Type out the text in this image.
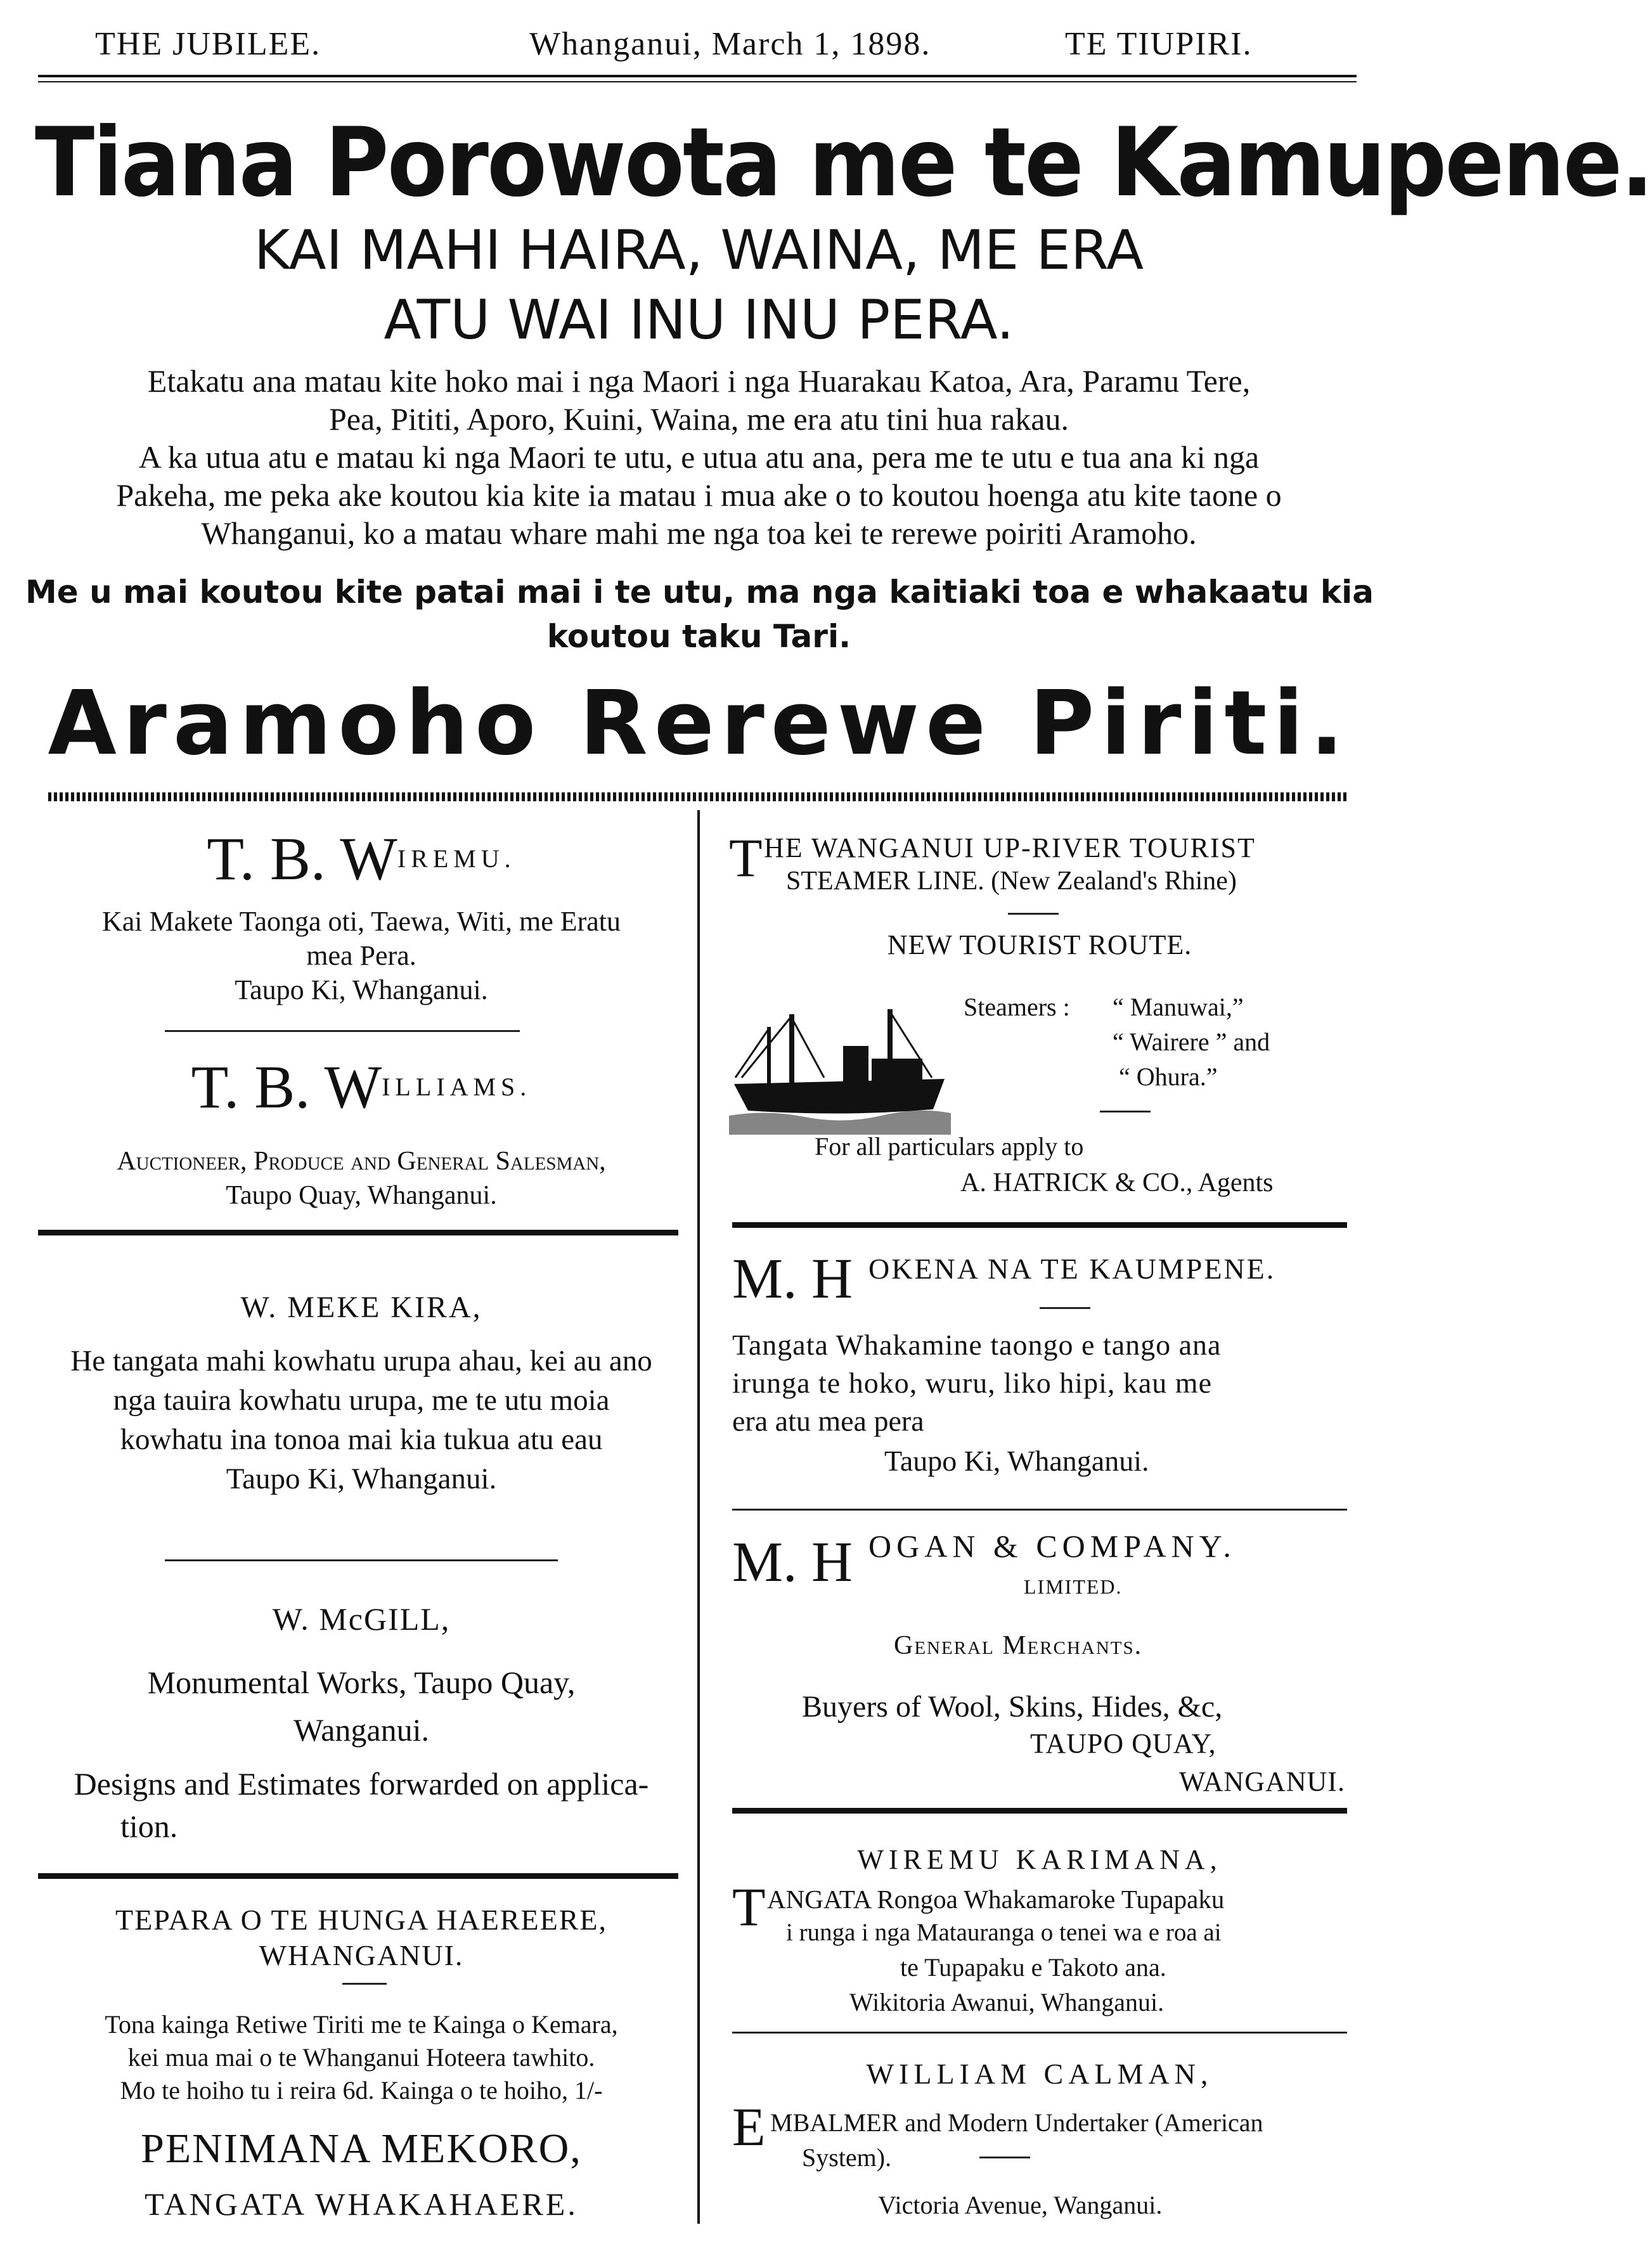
THE JUBILEE.	Whanganui, March 1, 1898.	TE TIUPIRI.
Tiana Porowota me te Kamupene.
KAI MAHI HAIRA, WAINA, ME ERA
ATU WAI INU INU PERA.
Etakatu ana matau kite hoko mai i nga Maori i nga Huarakau Katoa, Ara, Paramu Tere,
Pea, Pititi, Aporo, Kuini, Waina, me era atu tini hua rakau.
A ka utua atu e matau ki nga Maori te utu, e utua atu ana, pera me te utu e tua ana ki nga
Pakeha, me peka ake koutou kia kite ia matau i mua ake o to koutou hoenga atu kite taone o
Whanganui, ko a matau whare mahi me nga toa kei te rerewe poiriti Aramoho.
Me u mai koutou kite patai mai i te utu, ma nga kaitiaki toa e whakaatu kia
koutou taku Tari.
Aramoho Rerewe Piriti.
T. B. $W^{IREMU.}$
Kai Makete Taonga oti, Taewa, Witi, me Eratu
mea Pera.
Taupo Ki, Whanganui.
T. B. $W^{ILLIAMS.}$
Auctioneer, Produce and General Salesman,
Taupo Quay, Whanganui.
W. MEKE KIRA,
He tangata mahi kowhatu urupa ahau, kei au ano
nga tauira kowhatu urupa, me te utu moia
kowhatu ina tonoa mai kia tukua atu eau
Taupo Ki, Whanganui.
W. McGILL,
Monumental Works, Taupo Quay,
Wanganui.
Designs and Estimates forwarded on applica-
tion.
TEPARA O TE HUNGA HAEREERE,
WHANGANUI.
Tona kainga Retiwe Tiriti me te Kainga o Kemara,
kei mua mai o te Whanganui Hoteera tawhito.
Mo te hoiho tu i reira 6d. Kainga o te hoiho, 1/-
PENIMANA MEKORO,
TANGATA WHAKAHAERE.
T HE WANGANUI UP-RIVER TOURIST
STEAMER LINE. (New Zealand's Rhine)
NEW TOURIST ROUTE.
Steamers : “ Manuwai,”
“ Wairere ” and
“ Ohura.”
For all particulars apply to
A. HATRICK & CO., Agents
M. H OKENA NA TE KAUMPENE.
Tangata Whakamine taongo e tango ana
irunga te hoko, wuru, liko hipi, kau me
era atu mea pera
Taupo Ki, Whanganui.
M. H OGAN & COMPANY.
LIMITED.
General Merchants.
Buyers of Wool, Skins, Hides, &c,
TAUPO QUAY,
WANGANUI.
WIREMU KARIMANA,
T ANGATA Rongoa Whakamaroke Tupapaku
i runga i nga Matauranga o tenei wa e roa ai
te Tupapaku e Takoto ana.
Wikitoria Awanui, Whanganui.
WILLIAM CALMAN,
E MBALMER and Modern Undertaker (American
System).
Victoria Avenue, Wanganui.
